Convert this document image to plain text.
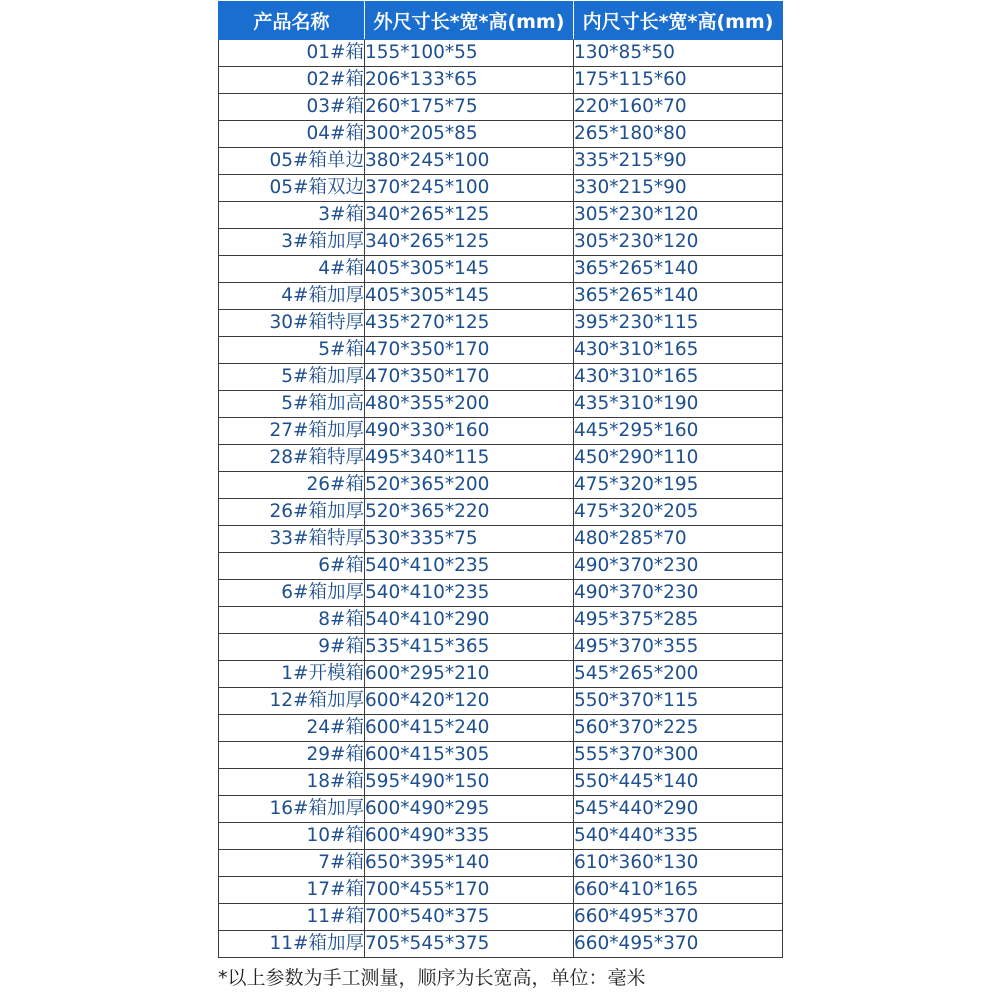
产品名称	外尺寸长*宽*高(mm)	内尺寸长*宽*高(mm)
01#箱	155*100*55	130*85*50
02#箱	206*133*65	175*115*60
03#箱	260*175*75	220*160*70
04#箱	300*205*85	265*180*80
05#箱单边	380*245*100	335*215*90
05#箱双边	370*245*100	330*215*90
3#箱	340*265*125	305*230*120
3#箱加厚	340*265*125	305*230*120
4#箱	405*305*145	365*265*140
4#箱加厚	405*305*145	365*265*140
30#箱特厚	435*270*125	395*230*115
5#箱	470*350*170	430*310*165
5#箱加厚	470*350*170	430*310*165
5#箱加高	480*355*200	435*310*190
27#箱加厚	490*330*160	445*295*160
28#箱特厚	495*340*115	450*290*110
26#箱	520*365*200	475*320*195
26#箱加厚	520*365*220	475*320*205
33#箱特厚	530*335*75	480*285*70
6#箱	540*410*235	490*370*230
6#箱加厚	540*410*235	490*370*230
8#箱	540*410*290	495*375*285
9#箱	535*415*365	495*370*355
1#开模箱	600*295*210	545*265*200
12#箱加厚	600*420*120	550*370*115
24#箱	600*415*240	560*370*225
29#箱	600*415*305	555*370*300
18#箱	595*490*150	550*445*140
16#箱加厚	600*490*295	545*440*290
10#箱	600*490*335	540*440*335
7#箱	650*395*140	610*360*130
17#箱	700*455*170	660*410*165
11#箱	700*540*375	660*495*370
11#箱加厚	705*545*375	660*495*370
*以上参数为手工测量，顺序为长宽高，单位：毫米
